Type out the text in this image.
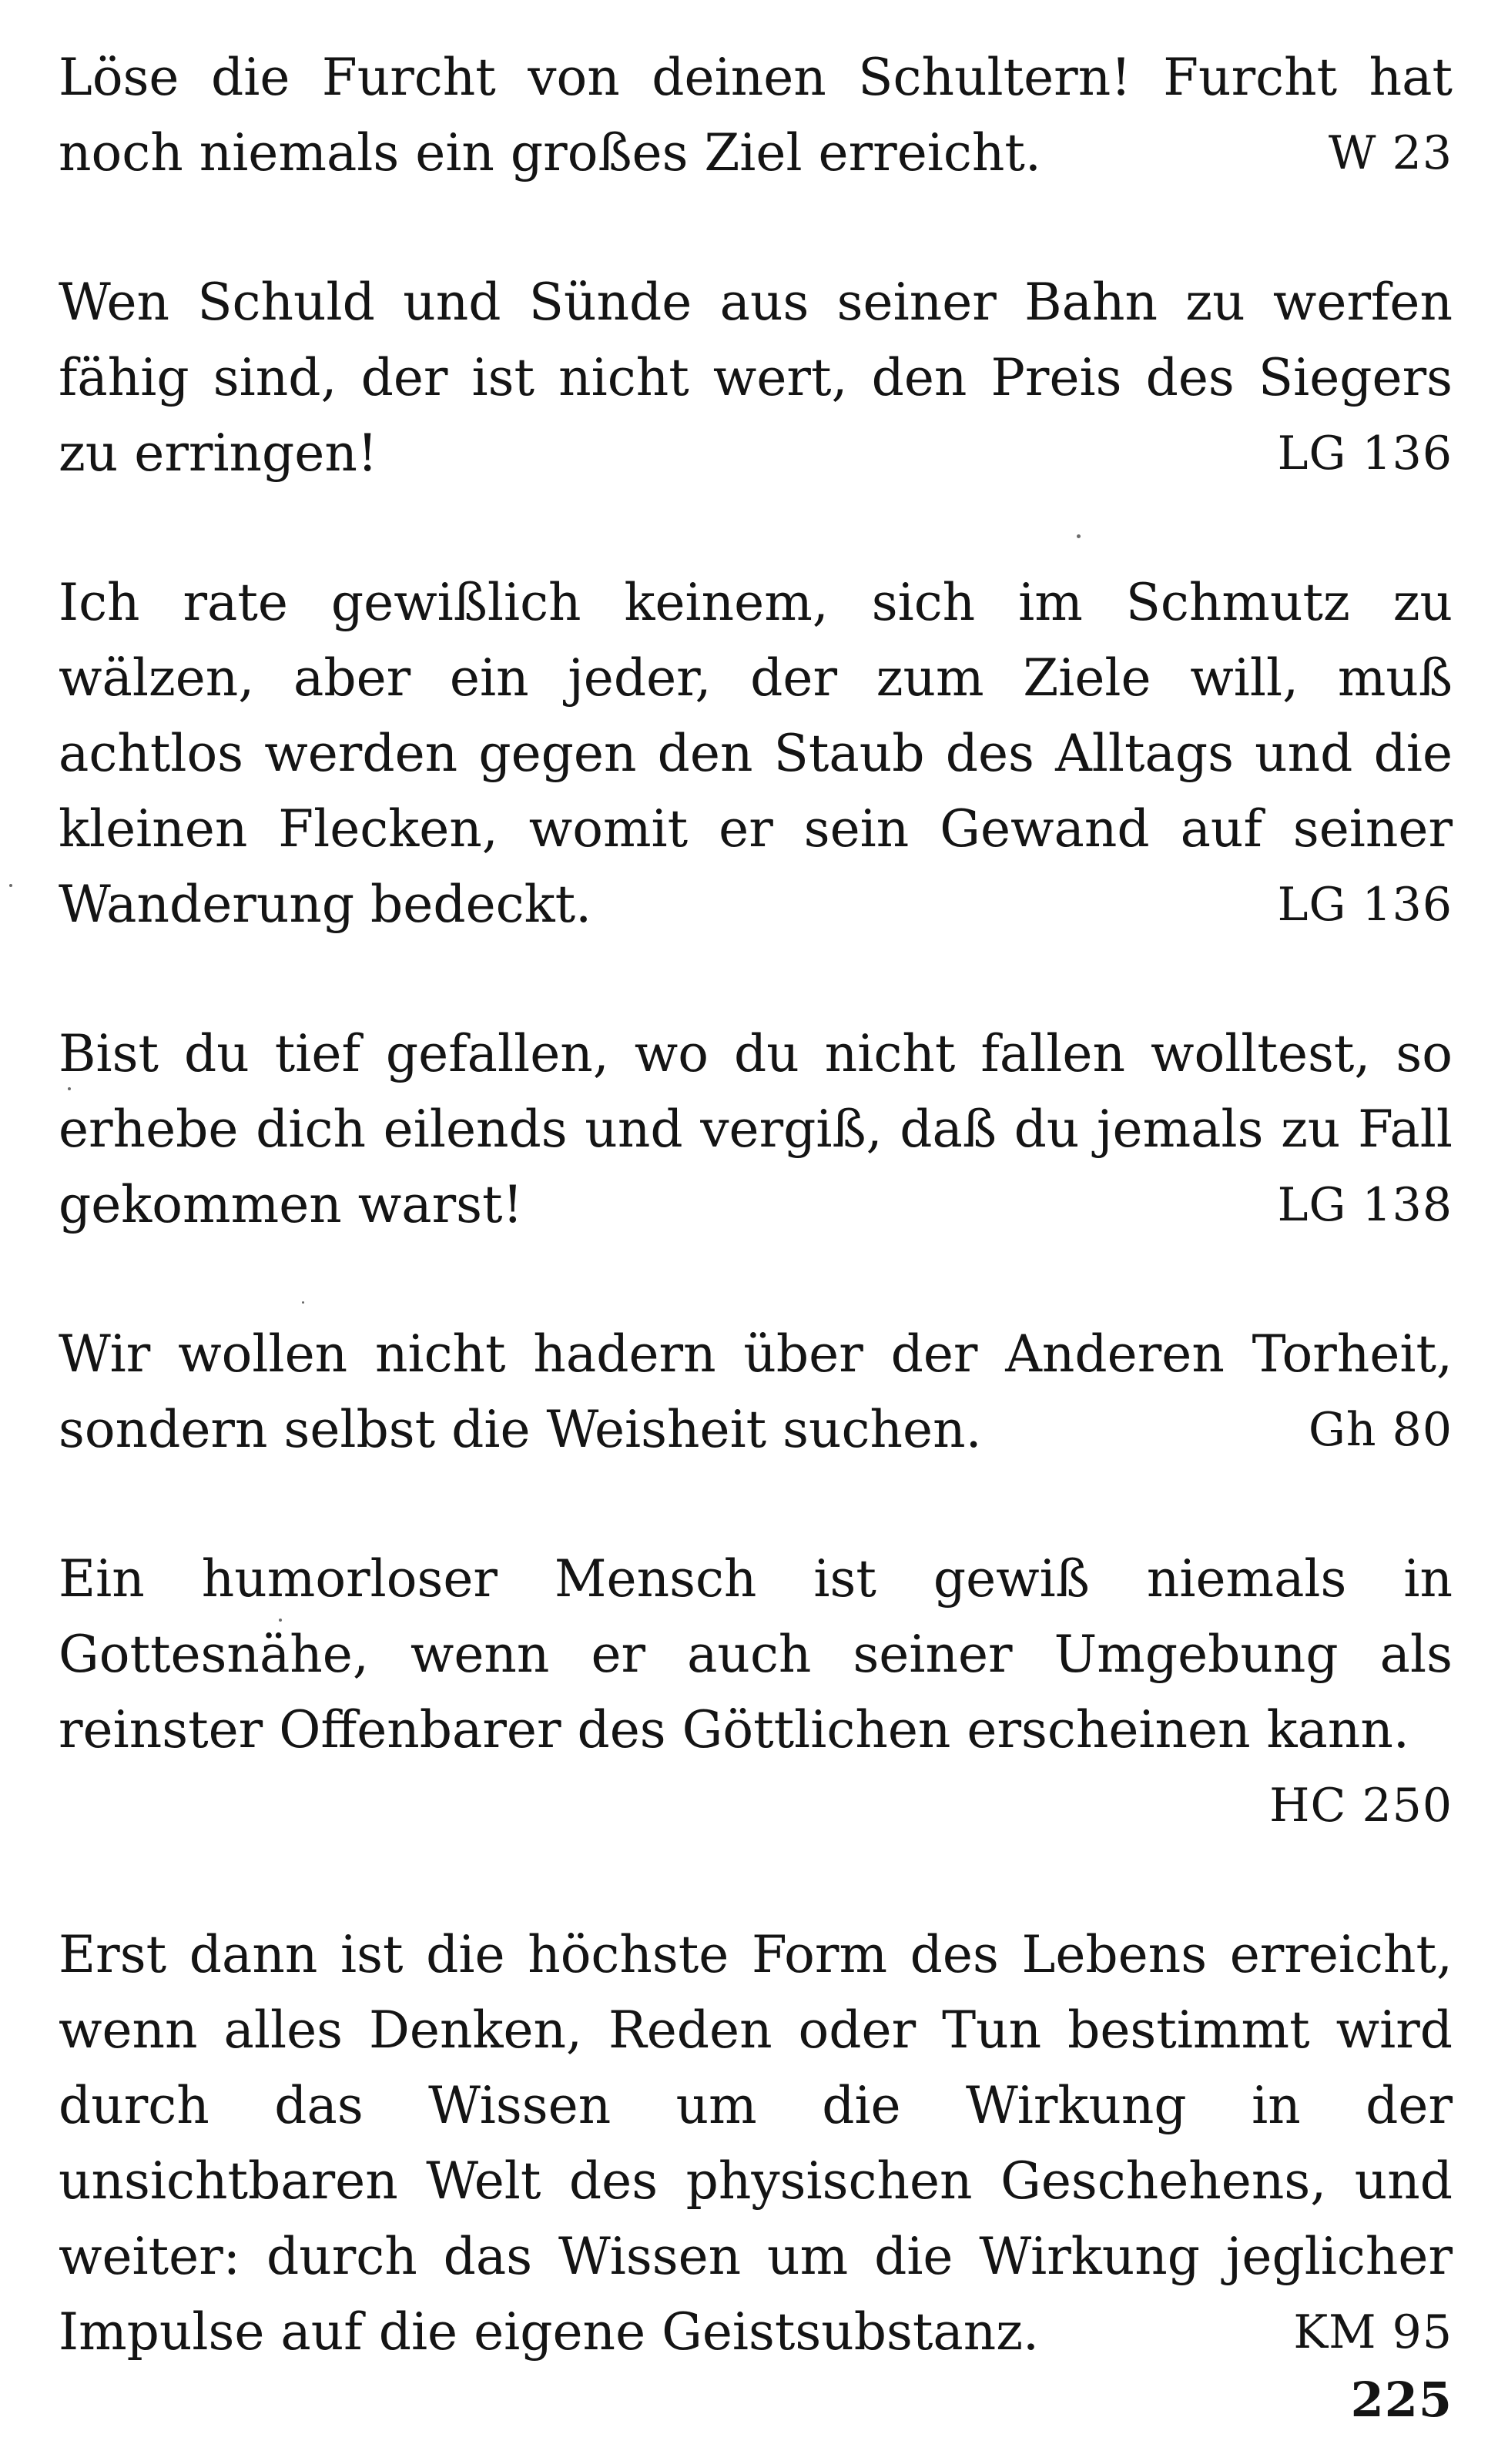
Löse die Furcht von deinen Schultern! Furcht hat noch niemals ein großes Ziel erreicht.	W 23

Wen Schuld und Sünde aus seiner Bahn zu werfen fähig sind, der ist nicht wert, den Preis des Siegers zu erringen!	LG 136

Ich rate gewißlich keinem, sich im Schmutz zu wälzen, aber ein jeder, der zum Ziele will, muß achtlos werden gegen den Staub des Alltags und die kleinen Flecken, womit er sein Gewand auf seiner Wanderung bedeckt.	LG 136

Bist du tief gefallen, wo du nicht fallen wolltest, so erhebe dich eilends und vergiß, daß du jemals zu Fall gekommen warst!	LG 138

Wir wollen nicht hadern über der Anderen Torheit, sondern selbst die Weisheit suchen.	Gh 80

Ein humorloser Mensch ist gewiß niemals in Gottesnähe, wenn er auch seiner Umgebung als reinster Offenbarer des Göttlichen erscheinen kann.
HC 250

Erst dann ist die höchste Form des Lebens erreicht, wenn alles Denken, Reden oder Tun bestimmt wird durch das Wissen um die Wirkung in der unsichtbaren Welt des physischen Geschehens, und weiter: durch das Wissen um die Wirkung jeglicher Impulse auf die eigene Geistsubstanz.	KM 95

225
